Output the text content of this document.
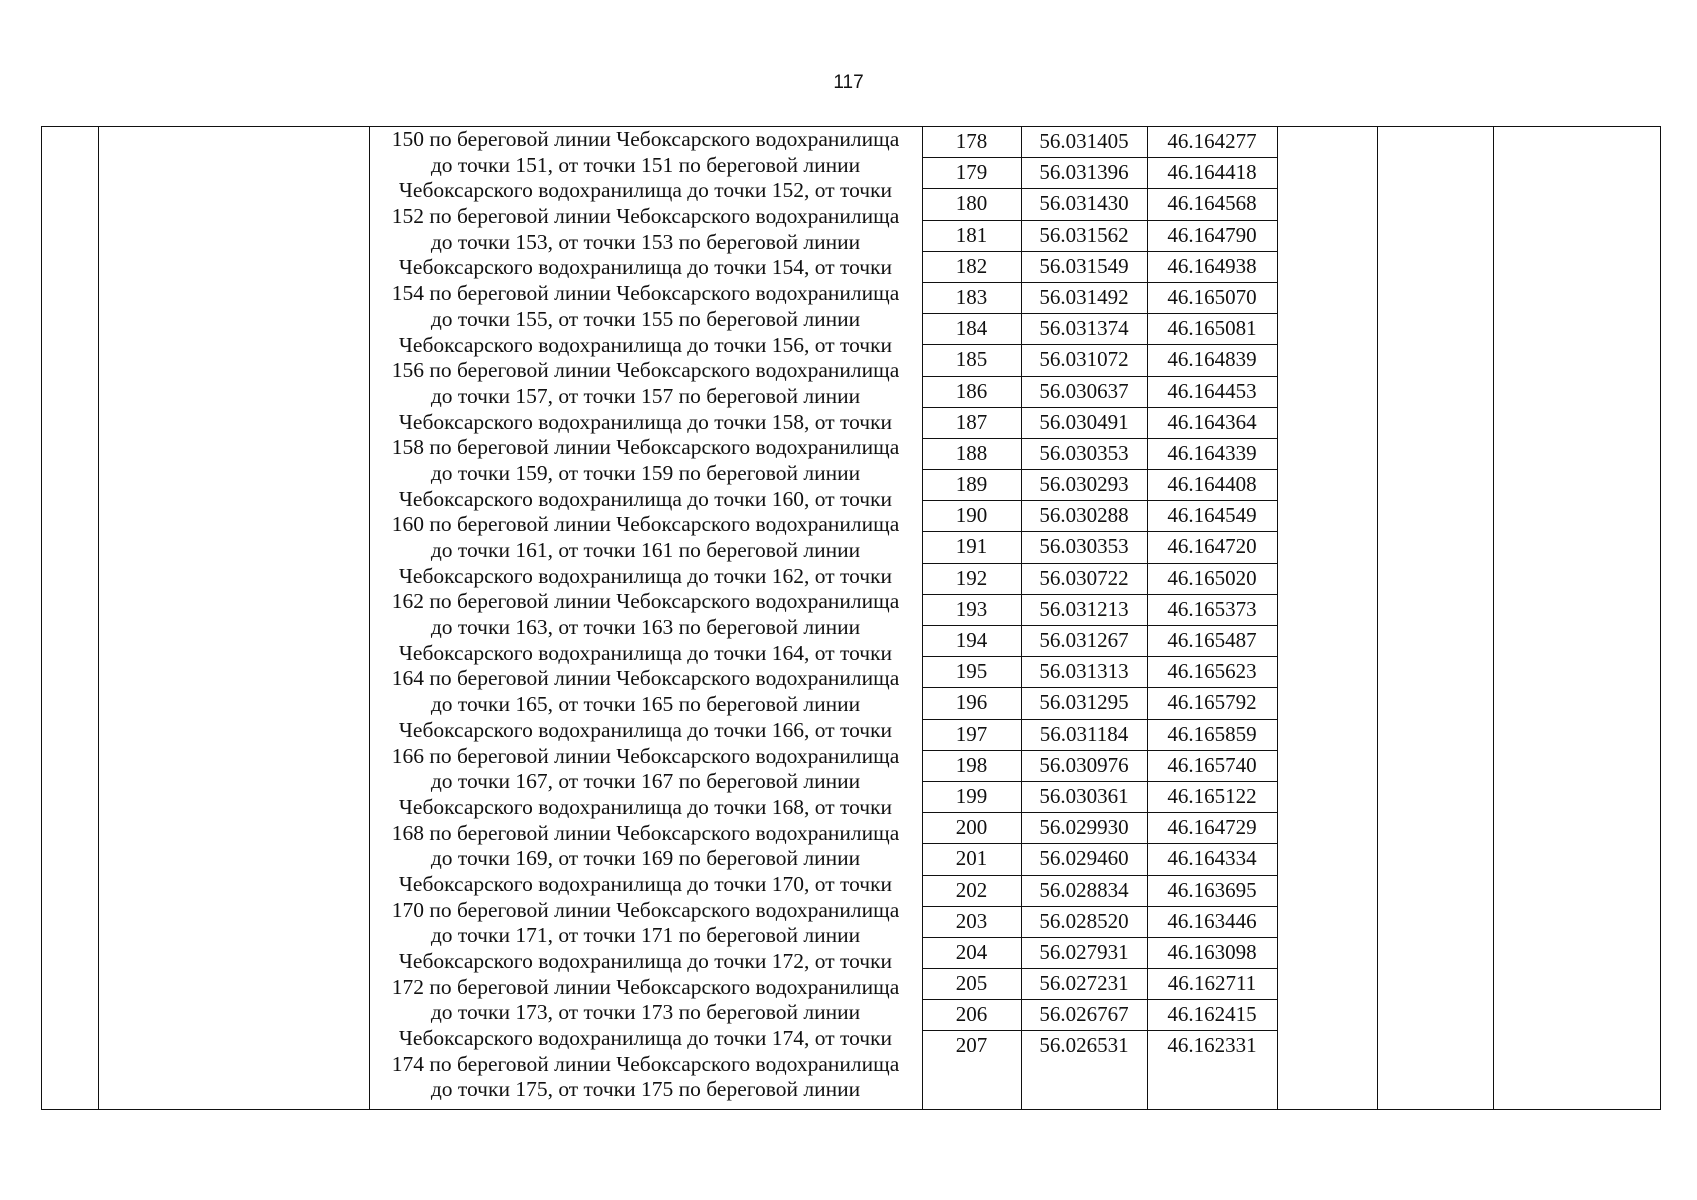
117
150 по береговой линии Чебоксарского водохранилища
до точки 151, от точки 151 по береговой линии
Чебоксарского водохранилища до точки 152, от точки
152 по береговой линии Чебоксарского водохранилища
до точки 153, от точки 153 по береговой линии
Чебоксарского водохранилища до точки 154, от точки
154 по береговой линии Чебоксарского водохранилища
до точки 155, от точки 155 по береговой линии
Чебоксарского водохранилища до точки 156, от точки
156 по береговой линии Чебоксарского водохранилища
до точки 157, от точки 157 по береговой линии
Чебоксарского водохранилища до точки 158, от точки
158 по береговой линии Чебоксарского водохранилища
до точки 159, от точки 159 по береговой линии
Чебоксарского водохранилища до точки 160, от точки
160 по береговой линии Чебоксарского водохранилища
до точки 161, от точки 161 по береговой линии
Чебоксарского водохранилища до точки 162, от точки
162 по береговой линии Чебоксарского водохранилища
до точки 163, от точки 163 по береговой линии
Чебоксарского водохранилища до точки 164, от точки
164 по береговой линии Чебоксарского водохранилища
до точки 165, от точки 165 по береговой линии
Чебоксарского водохранилища до точки 166, от точки
166 по береговой линии Чебоксарского водохранилища
до точки 167, от точки 167 по береговой линии
Чебоксарского водохранилища до точки 168, от точки
168 по береговой линии Чебоксарского водохранилища
до точки 169, от точки 169 по береговой линии
Чебоксарского водохранилища до точки 170, от точки
170 по береговой линии Чебоксарского водохранилища
до точки 171, от точки 171 по береговой линии
Чебоксарского водохранилища до точки 172, от точки
172 по береговой линии Чебоксарского водохранилища
до точки 173, от точки 173 по береговой линии
Чебоксарского водохранилища до точки 174, от точки
174 по береговой линии Чебоксарского водохранилища
до точки 175, от точки 175 по береговой линии
178	56.031405	46.164277
179	56.031396	46.164418
180	56.031430	46.164568
181	56.031562	46.164790
182	56.031549	46.164938
183	56.031492	46.165070
184	56.031374	46.165081
185	56.031072	46.164839
186	56.030637	46.164453
187	56.030491	46.164364
188	56.030353	46.164339
189	56.030293	46.164408
190	56.030288	46.164549
191	56.030353	46.164720
192	56.030722	46.165020
193	56.031213	46.165373
194	56.031267	46.165487
195	56.031313	46.165623
196	56.031295	46.165792
197	56.031184	46.165859
198	56.030976	46.165740
199	56.030361	46.165122
200	56.029930	46.164729
201	56.029460	46.164334
202	56.028834	46.163695
203	56.028520	46.163446
204	56.027931	46.163098
205	56.027231	46.162711
206	56.026767	46.162415
207	56.026531	46.162331
